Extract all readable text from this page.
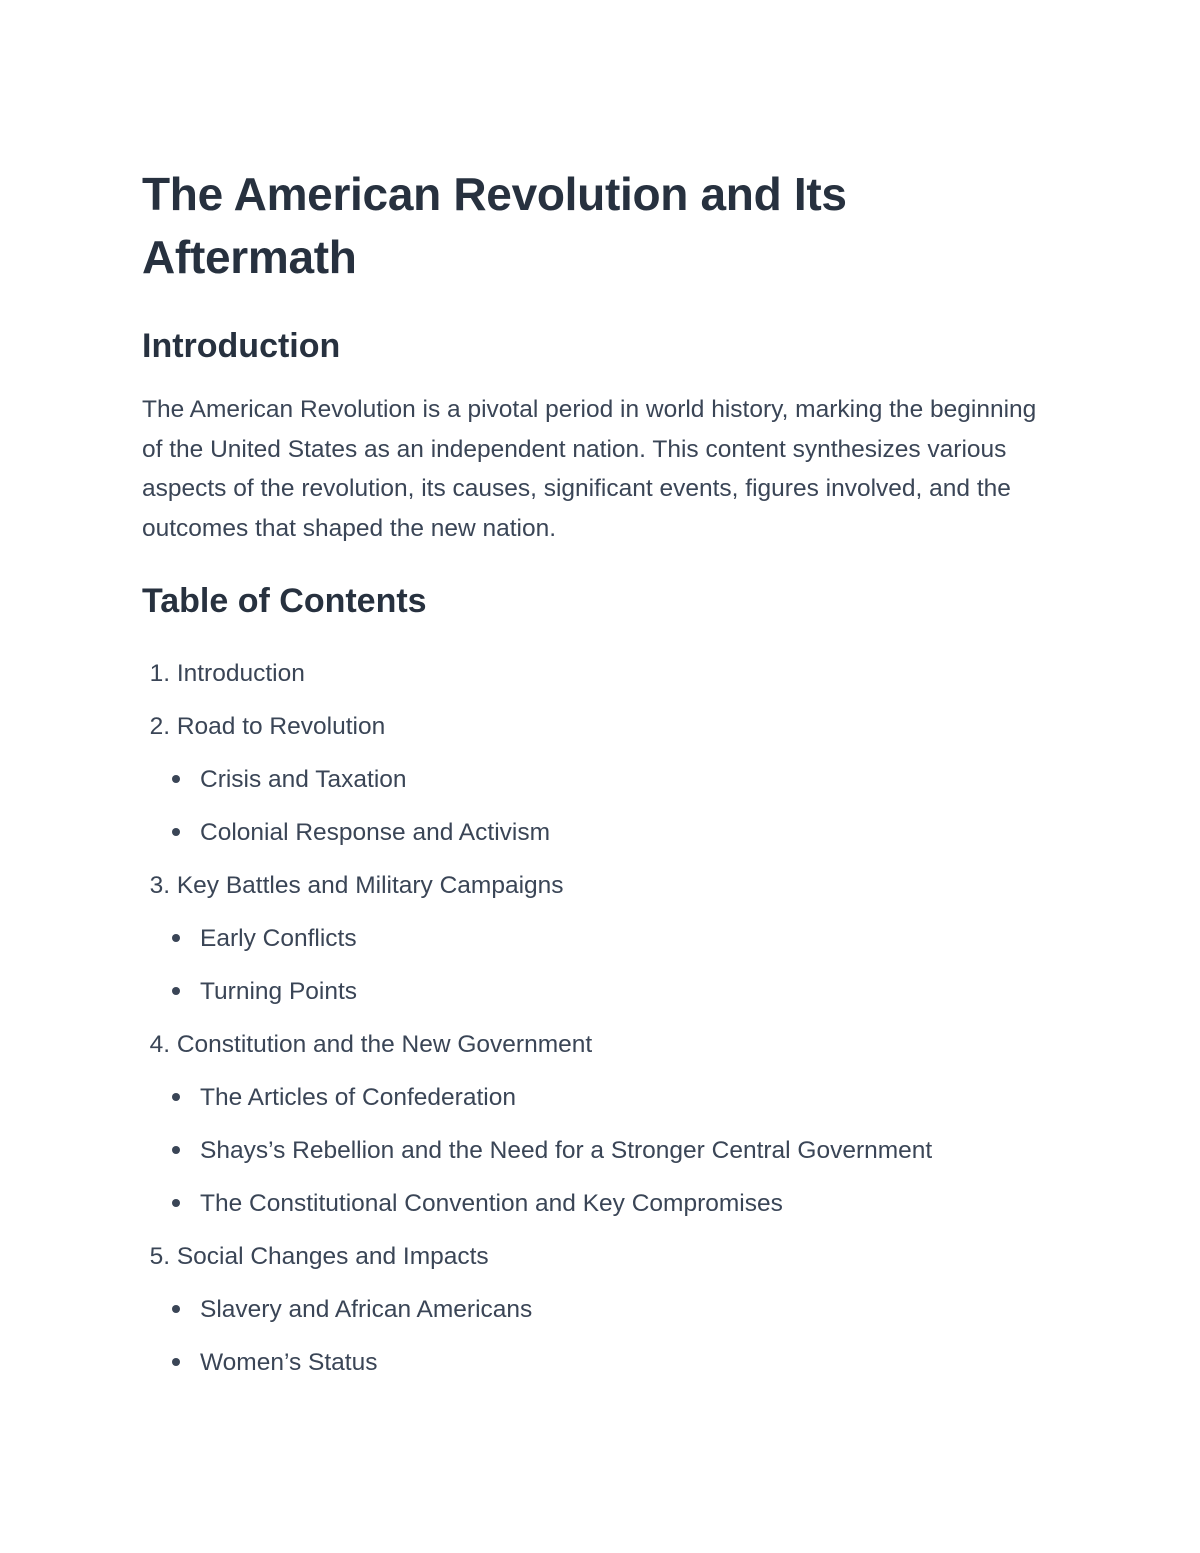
The American Revolution and Its Aftermath
Introduction

The American Revolution is a pivotal period in world history, marking the beginning of the United States as an independent nation. This content synthesizes various aspects of the revolution, its causes, significant events, figures involved, and the outcomes that shaped the new nation.

Table of Contents
1. Introduction
2. Road to Revolution
Crisis and Taxation
Colonial Response and Activism
3. Key Battles and Military Campaigns
Early Conflicts
Turning Points
4. Constitution and the New Government
The Articles of Confederation
Shays’s Rebellion and the Need for a Stronger Central Government
The Constitutional Convention and Key Compromises
5. Social Changes and Impacts
Slavery and African Americans
Women’s Status
